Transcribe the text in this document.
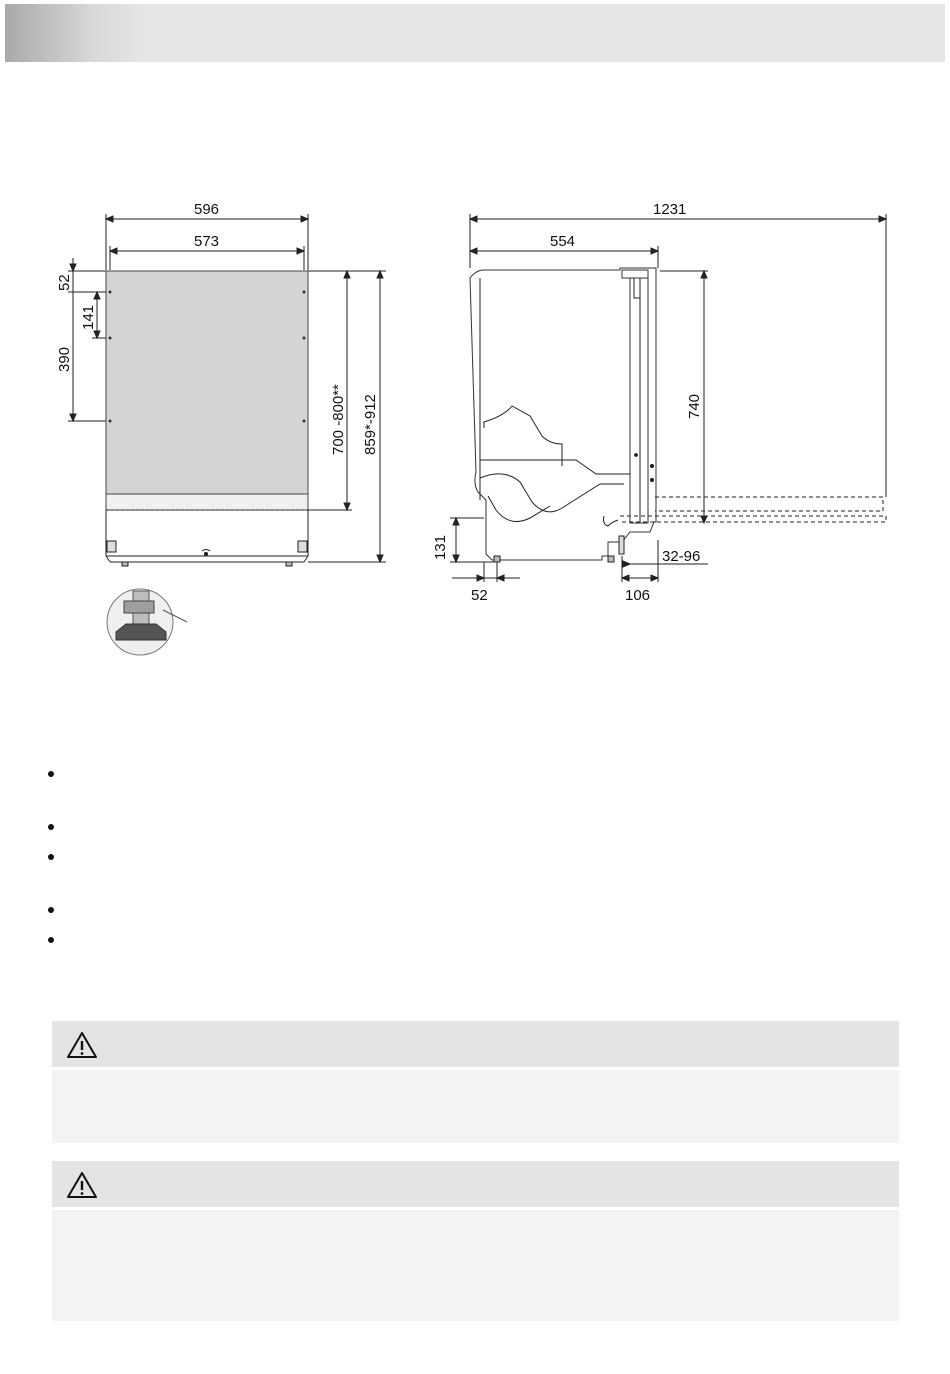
596
573
52
141
390
700 -800** 859*-912
1231
554
740
131
52	106
32-96
